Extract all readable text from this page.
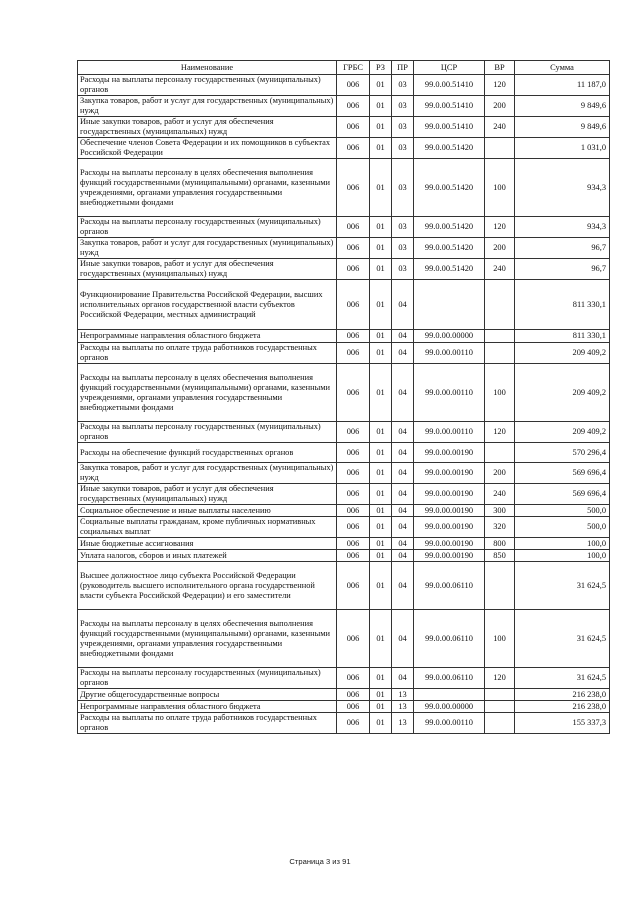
Наименование	ГРБС	РЗ	ПР	ЦСР	ВР	Сумма
Расходы на выплаты персоналу государственных (муниципальных) органов	006	01	03	99.0.00.51410	120	11 187,0
Закупка товаров, работ и услуг для государственных (муниципальных) нужд	006	01	03	99.0.00.51410	200	9 849,6
Иные закупки товаров, работ и услуг для обеспечения государственных (муниципальных) нужд	006	01	03	99.0.00.51410	240	9 849,6
Обеспечение членов Совета Федерации и их помощников в субъектах Российской Федерации	006	01	03	99.0.00.51420		1 031,0
Расходы на выплаты персоналу в целях обеспечения выполнения функций государственными (муниципальными) органами, казенными учреждениями, органами управления государственными внебюджетными фондами	006	01	03	99.0.00.51420	100	934,3
Расходы на выплаты персоналу государственных (муниципальных) органов	006	01	03	99.0.00.51420	120	934,3
Закупка товаров, работ и услуг для государственных (муниципальных) нужд	006	01	03	99.0.00.51420	200	96,7
Иные закупки товаров, работ и услуг для обеспечения государственных (муниципальных) нужд	006	01	03	99.0.00.51420	240	96,7
Функционирование Правительства Российской Федерации, высших исполнительных органов государственной власти субъектов Российской Федерации, местных администраций	006	01	04			811 330,1
Непрограммные направления областного бюджета	006	01	04	99.0.00.00000		811 330,1
Расходы на выплаты по оплате труда работников государственных органов	006	01	04	99.0.00.00110		209 409,2
Расходы на выплаты персоналу в целях обеспечения выполнения функций государственными (муниципальными) органами, казенными учреждениями, органами управления государственными внебюджетными фондами	006	01	04	99.0.00.00110	100	209 409,2
Расходы на выплаты персоналу государственных (муниципальных) органов	006	01	04	99.0.00.00110	120	209 409,2
Расходы на обеспечение функций государственных органов	006	01	04	99.0.00.00190		570 296,4
Закупка товаров, работ и услуг для государственных (муниципальных) нужд	006	01	04	99.0.00.00190	200	569 696,4
Иные закупки товаров, работ и услуг для обеспечения государственных (муниципальных) нужд	006	01	04	99.0.00.00190	240	569 696,4
Социальное обеспечение и иные выплаты населению	006	01	04	99.0.00.00190	300	500,0
Социальные выплаты гражданам, кроме публичных нормативных социальных выплат	006	01	04	99.0.00.00190	320	500,0
Иные бюджетные ассигнования	006	01	04	99.0.00.00190	800	100,0
Уплата налогов, сборов и иных платежей	006	01	04	99.0.00.00190	850	100,0
Высшее должностное лицо субъекта Российской Федерации (руководитель высшего исполнительного органа государственной власти субъекта Российской Федерации) и его заместители	006	01	04	99.0.00.06110		31 624,5
Расходы на выплаты персоналу в целях обеспечения выполнения функций государственными (муниципальными) органами, казенными учреждениями, органами управления государственными внебюджетными фондами	006	01	04	99.0.00.06110	100	31 624,5
Расходы на выплаты персоналу государственных (муниципальных) органов	006	01	04	99.0.00.06110	120	31 624,5
Другие общегосударственные вопросы	006	01	13			216 238,0
Непрограммные направления областного бюджета	006	01	13	99.0.00.00000		216 238,0
Расходы на выплаты по оплате труда работников государственных органов	006	01	13	99.0.00.00110		155 337,3
Страница 3 из 91
